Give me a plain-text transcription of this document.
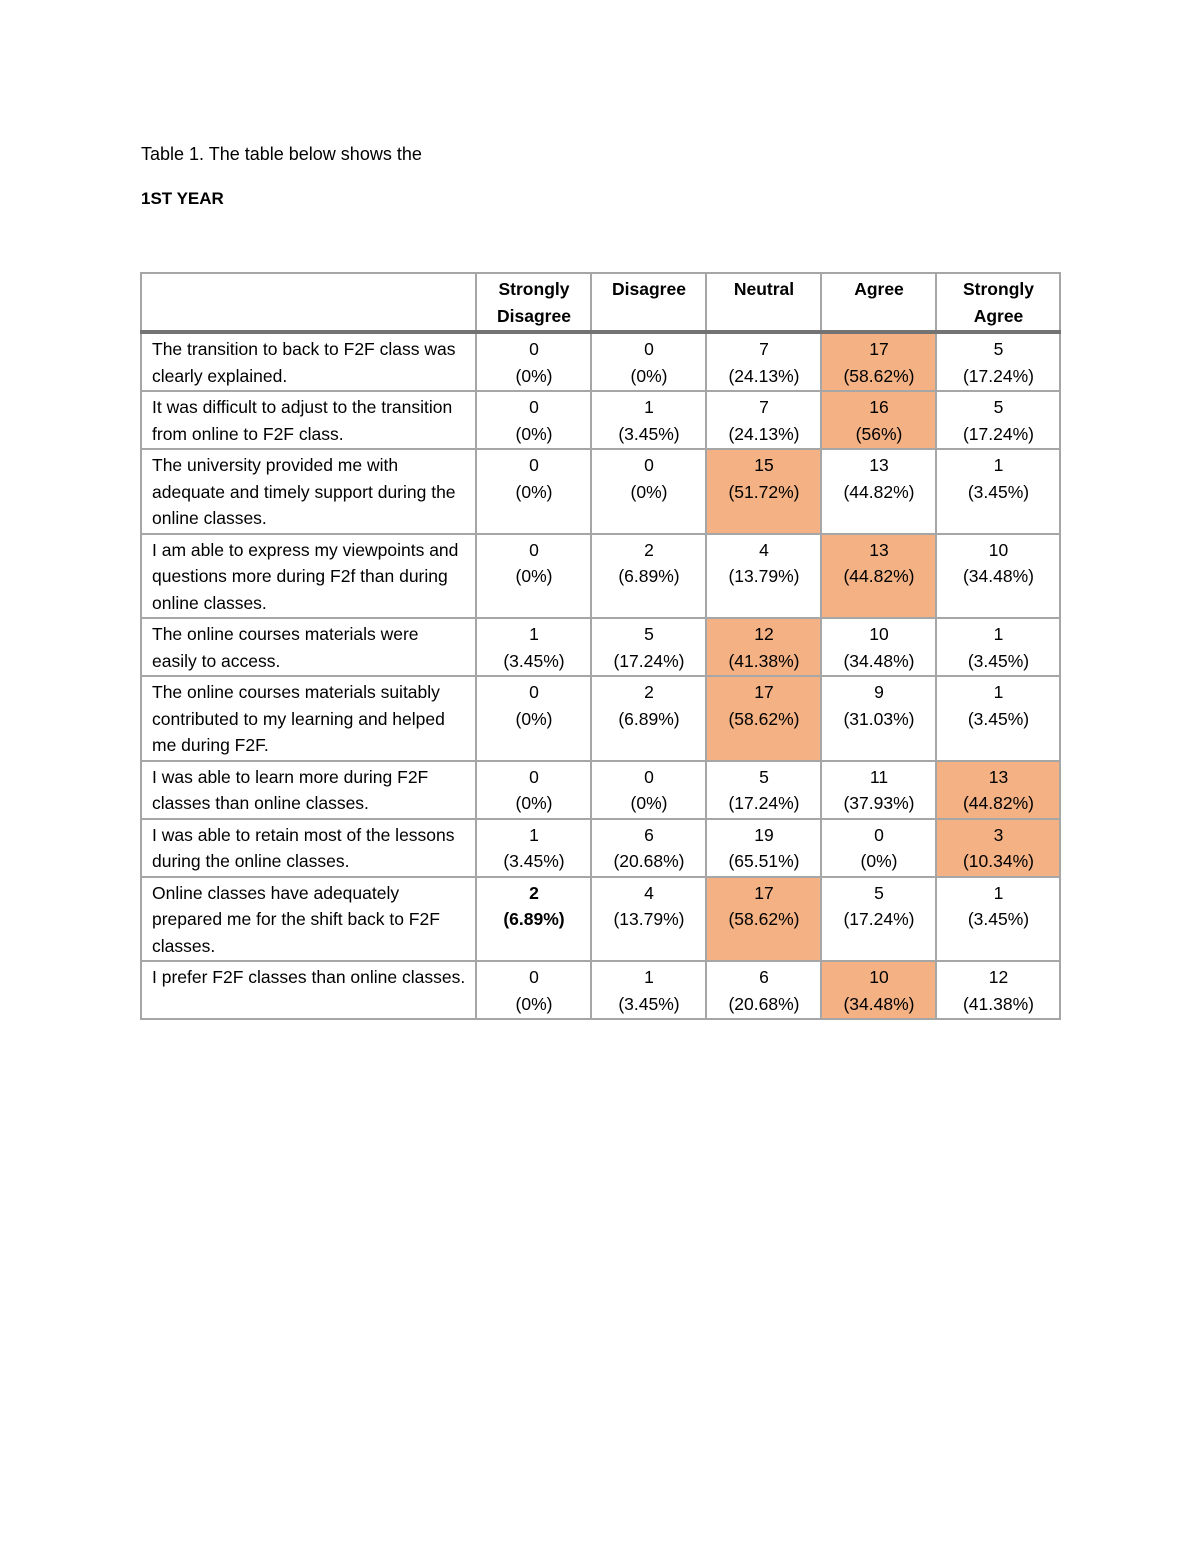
Table 1. The table below shows the
1ST YEAR
	Strongly Disagree	Disagree	Neutral	Agree	Strongly Agree
The transition to back to F2F class was clearly explained.	0
(0%)	0
(0%)	7
(24.13%)	17
(58.62%)	5
(17.24%)

It was difficult to adjust to the transition from online to F2F class.	0
(0%)	1
(3.45%)	7
(24.13%)	16
(56%)	5
(17.24%)

The university provided me with adequate and timely support during the online classes.	0
(0%)	0
(0%)	15
(51.72%)	13
(44.82%)	1
(3.45%)

I am able to express my viewpoints and questions more during F2f than during online classes.	0
(0%)	2
(6.89%)	4
(13.79%)	13
(44.82%)	10
(34.48%)

The online courses materials were easily to access.	1
(3.45%)	5
(17.24%)	12
(41.38%)	10
(34.48%)	1
(3.45%)

The online courses materials suitably contributed to my learning and helped me during F2F.	0
(0%)	2
(6.89%)	17
(58.62%)	9
(31.03%)	1
(3.45%)

I was able to learn more during F2F classes than online classes.	0
(0%)	0
(0%)	5
(17.24%)	11
(37.93%)	13
(44.82%)

I was able to retain most of the lessons during the online classes.	1
(3.45%)	6
(20.68%)	19
(65.51%)	0
(0%)	3
(10.34%)

Online classes have adequately prepared me for the shift back to F2F classes.	2
(6.89%)	4
(13.79%)	17
(58.62%)	5
(17.24%)	1
(3.45%)

I prefer F2F classes than online classes.	0
(0%)	1
(3.45%)	6
(20.68%)	10
(34.48%)	12
(41.38%)
